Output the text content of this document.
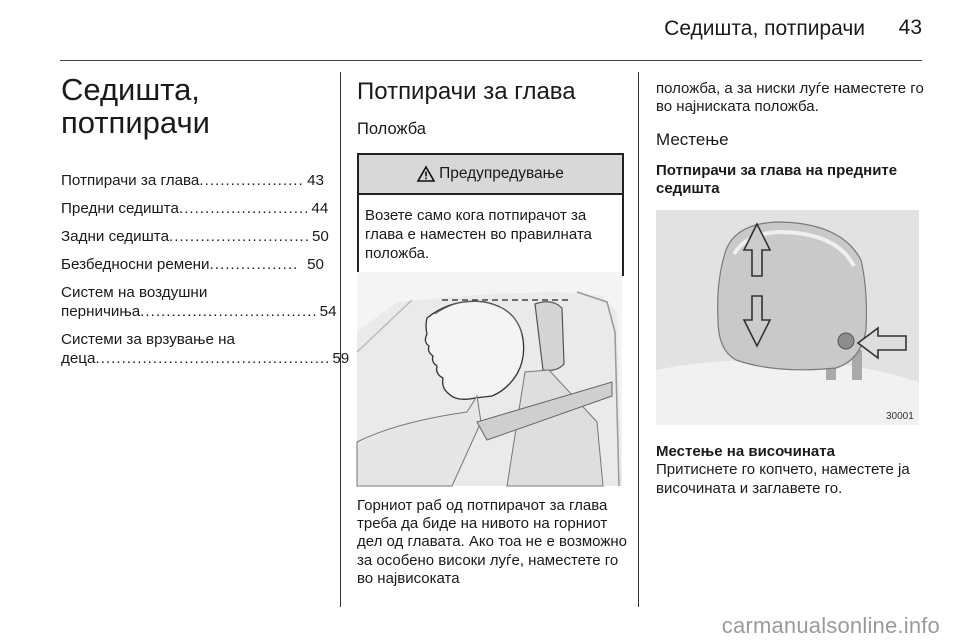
Седишта, потпирачи 43
Седишта, потпирачи
Потпирачи за глава .................... 43
Предни седишта ......................... 44
Задни седишта ........................... 50
Безбедносни ремени ................. 50
Систем на воздушни
перничиња .................................. 54
Системи за врзување на
деца ............................................. 59
Потпирачи за глава
Положба
Предупредување
Возете само кога потпирачот за глава е наместен во правилната положба.
Горниот раб од потпирачот за глава треба да биде на нивото на горниот дел од главата. Ако тоа не е возможно за особено високи луѓе, наместете го во највисоката

положба, а за ниски луѓе наместете го во најниската положба.

Местење

Потпирачи за глава на предните седишта

30001

Местење на височината

Притиснете го копчето, наместете ја височината и заглавете го.

carmanualsonline.info
